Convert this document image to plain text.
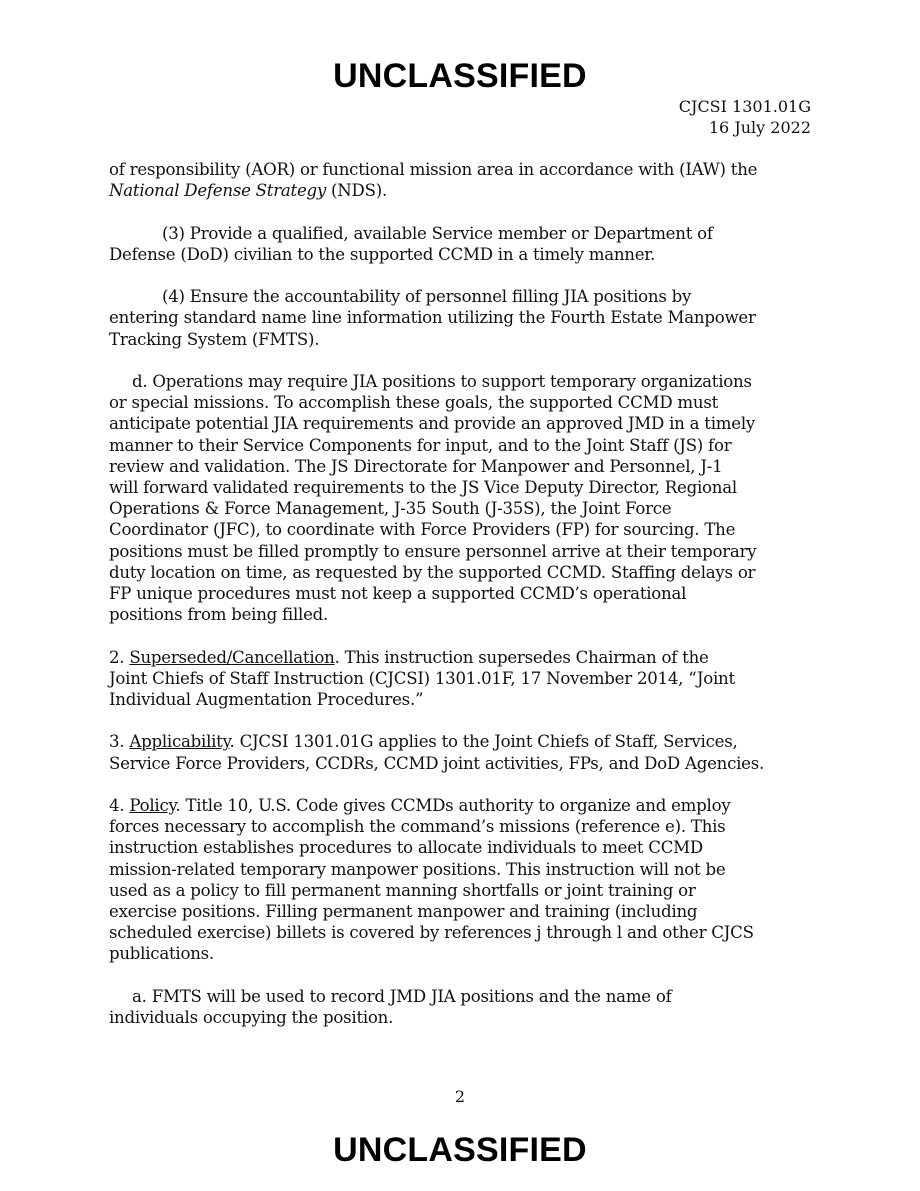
UNCLASSIFIED
CJCSI 1301.01G
16 July 2022

of responsibility (AOR) or functional mission area in accordance with (IAW) the
National Defense Strategy (NDS).

(3) Provide a qualified, available Service member or Department of
Defense (DoD) civilian to the supported CCMD in a timely manner.

(4) Ensure the accountability of personnel filling JIA positions by
entering standard name line information utilizing the Fourth Estate Manpower
Tracking System (FMTS).

d. Operations may require JIA positions to support temporary organizations
or special missions. To accomplish these goals, the supported CCMD must
anticipate potential JIA requirements and provide an approved JMD in a timely
manner to their Service Components for input, and to the Joint Staff (JS) for
review and validation. The JS Directorate for Manpower and Personnel, J-1
will forward validated requirements to the JS Vice Deputy Director, Regional
Operations & Force Management, J-35 South (J-35S), the Joint Force
Coordinator (JFC), to coordinate with Force Providers (FP) for sourcing. The
positions must be filled promptly to ensure personnel arrive at their temporary
duty location on time, as requested by the supported CCMD. Staffing delays or
FP unique procedures must not keep a supported CCMD’s operational
positions from being filled.

2. Superseded/Cancellation. This instruction supersedes Chairman of the
Joint Chiefs of Staff Instruction (CJCSI) 1301.01F, 17 November 2014, “Joint
Individual Augmentation Procedures.”

3. Applicability. CJCSI 1301.01G applies to the Joint Chiefs of Staff, Services,
Service Force Providers, CCDRs, CCMD joint activities, FPs, and DoD Agencies.

4. Policy. Title 10, U.S. Code gives CCMDs authority to organize and employ
forces necessary to accomplish the command’s missions (reference e). This
instruction establishes procedures to allocate individuals to meet CCMD
mission-related temporary manpower positions. This instruction will not be
used as a policy to fill permanent manning shortfalls or joint training or
exercise positions. Filling permanent manpower and training (including
scheduled exercise) billets is covered by references j through l and other CJCS
publications.

a. FMTS will be used to record JMD JIA positions and the name of
individuals occupying the position.

2
UNCLASSIFIED
